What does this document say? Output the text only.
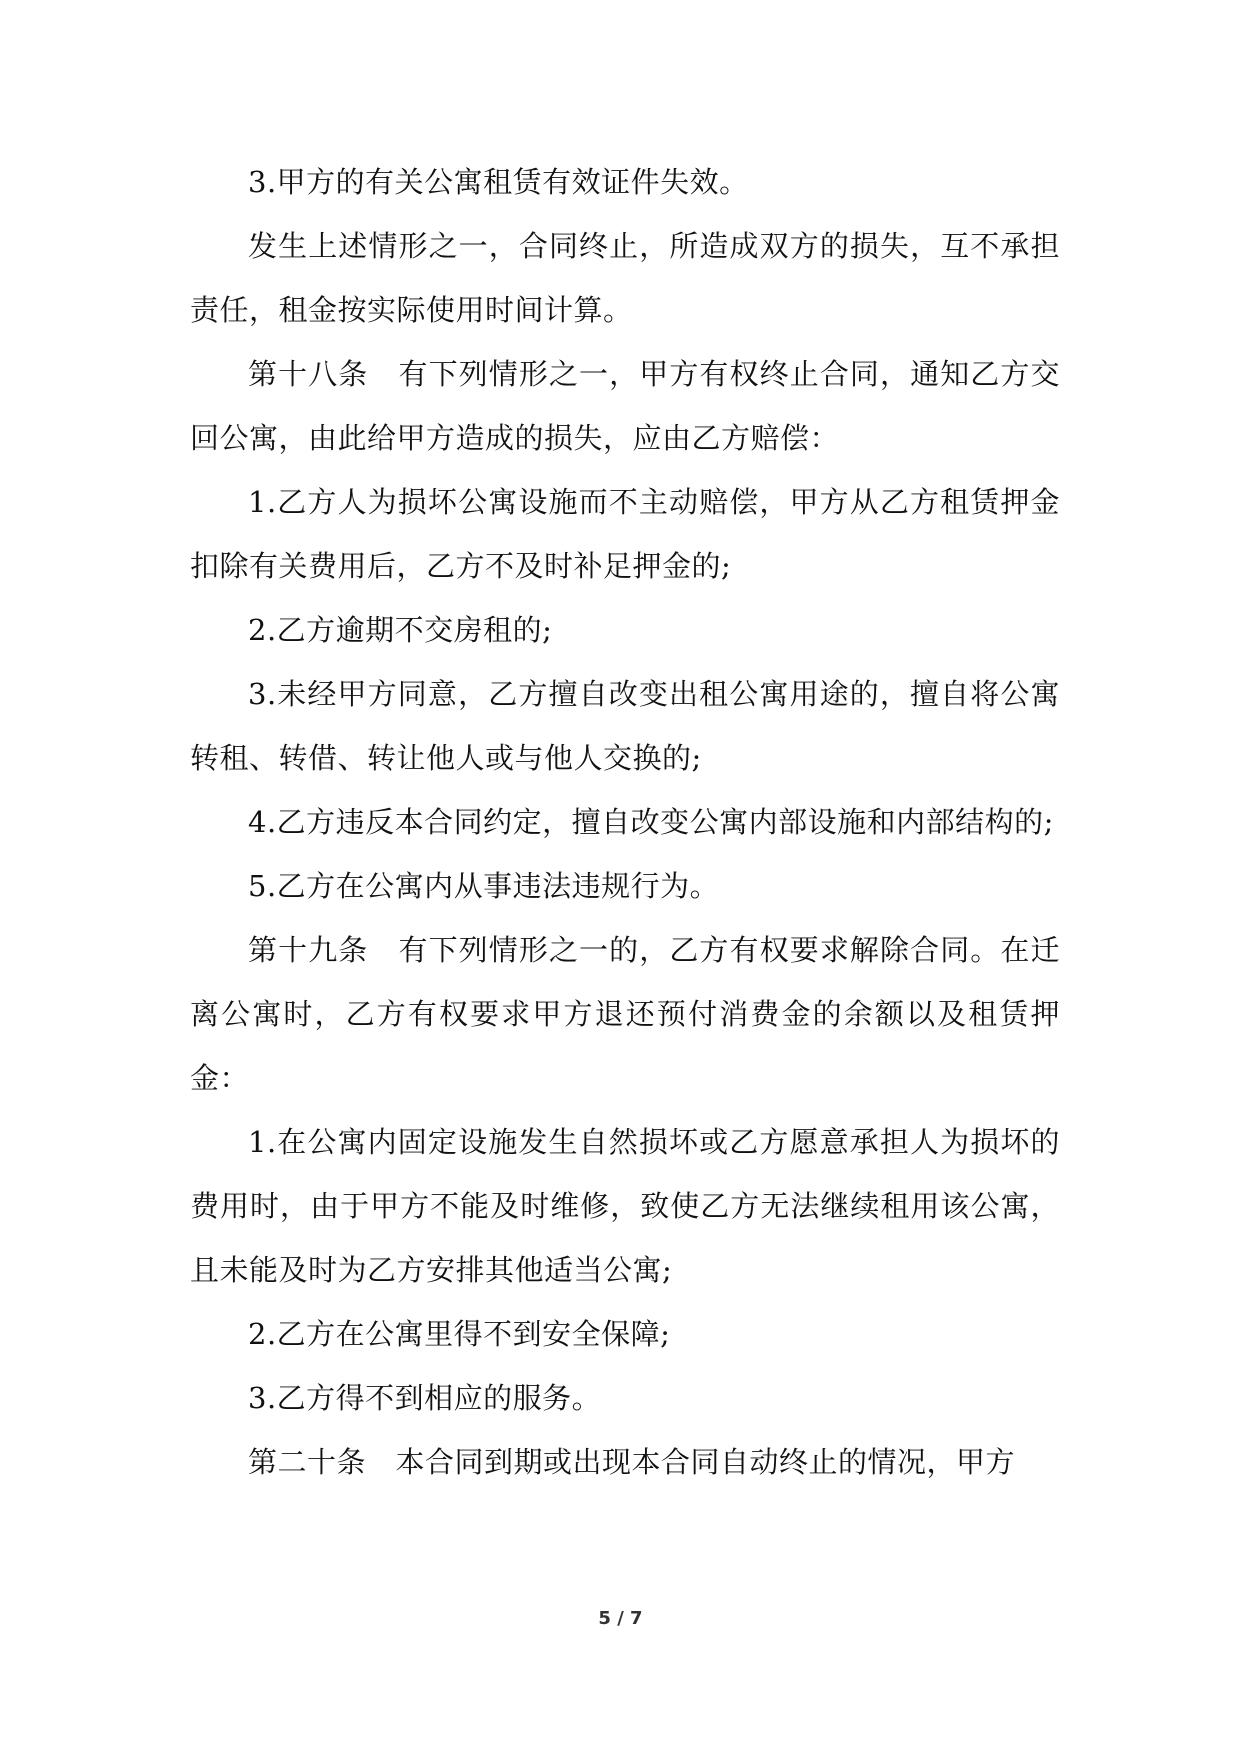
3.甲方的有关公寓租赁有效证件失效。

发生上述情形之一，合同终止，所造成双方的损失，互不承担责任，租金按实际使用时间计算。

第十八条　有下列情形之一，甲方有权终止合同，通知乙方交回公寓，由此给甲方造成的损失，应由乙方赔偿：

1.乙方人为损坏公寓设施而不主动赔偿，甲方从乙方租赁押金扣除有关费用后，乙方不及时补足押金的;

2.乙方逾期不交房租的;

3.未经甲方同意，乙方擅自改变出租公寓用途的，擅自将公寓转租、转借、转让他人或与他人交换的;

4.乙方违反本合同约定，擅自改变公寓内部设施和内部结构的;

5.乙方在公寓内从事违法违规行为。

第十九条　有下列情形之一的，乙方有权要求解除合同。在迁离公寓时，乙方有权要求甲方退还预付消费金的余额以及租赁押金：

1.在公寓内固定设施发生自然损坏或乙方愿意承担人为损坏的费用时，由于甲方不能及时维修，致使乙方无法继续租用该公寓，且未能及时为乙方安排其他适当公寓;

2.乙方在公寓里得不到安全保障;

3.乙方得不到相应的服务。

第二十条　本合同到期或出现本合同自动终止的情况，甲方

5 / 7
